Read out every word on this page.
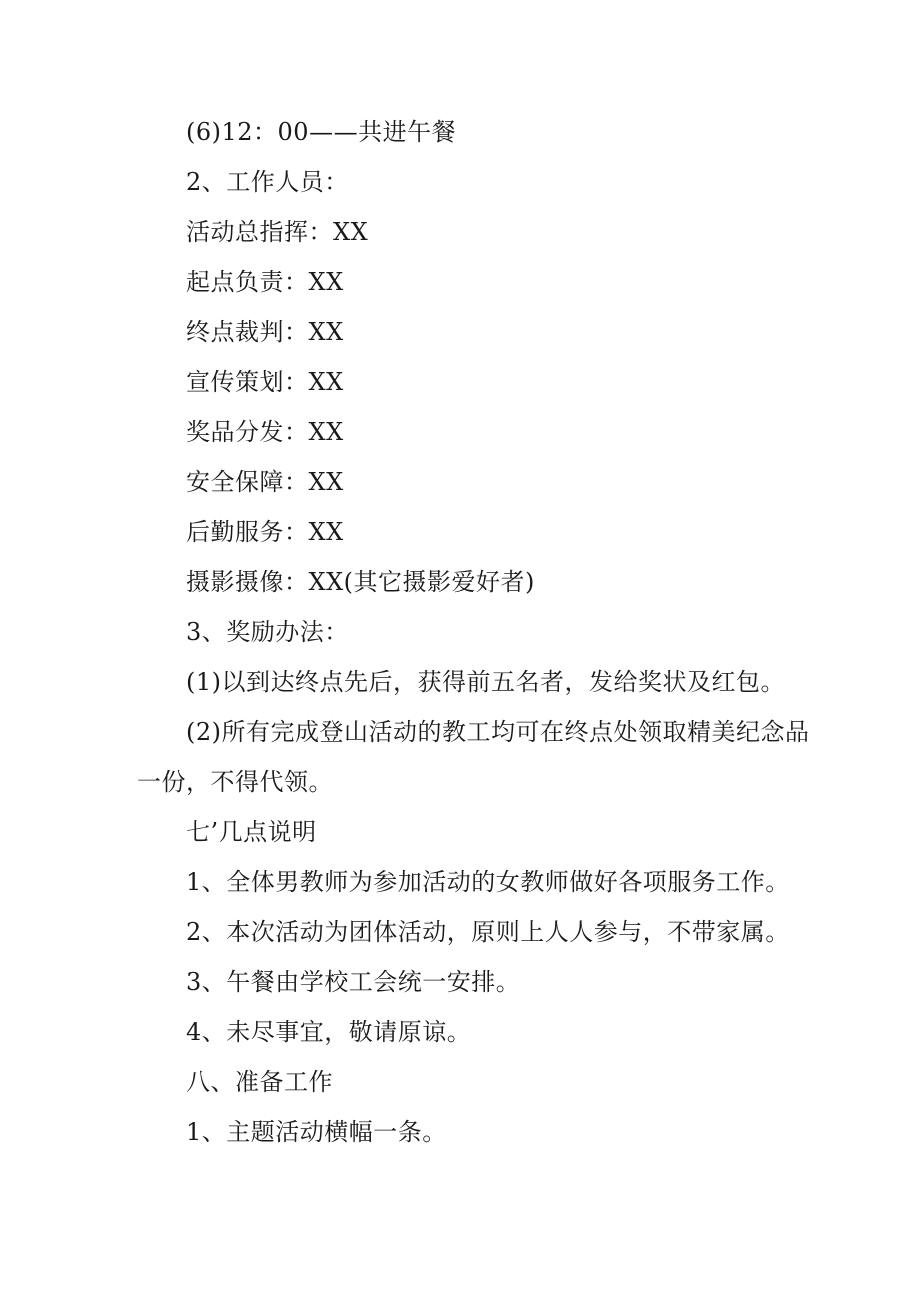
(6)12：00——共进午餐
2、工作人员：
活动总指挥：XX
起点负责：XX
终点裁判：XX
宣传策划：XX
奖品分发：XX
安全保障：XX
后勤服务：XX
摄影摄像：XX(其它摄影爱好者)
3、奖励办法：
(1)以到达终点先后，获得前五名者，发给奖状及红包。
(2)所有完成登山活动的教工均可在终点处领取精美纪念品
一份，不得代领。
七’几点说明
1、全体男教师为参加活动的女教师做好各项服务工作。
2、本次活动为团体活动，原则上人人参与，不带家属。
3、午餐由学校工会统一安排。
4、未尽事宜，敬请原谅。
八、准备工作
1、主题活动横幅一条。
